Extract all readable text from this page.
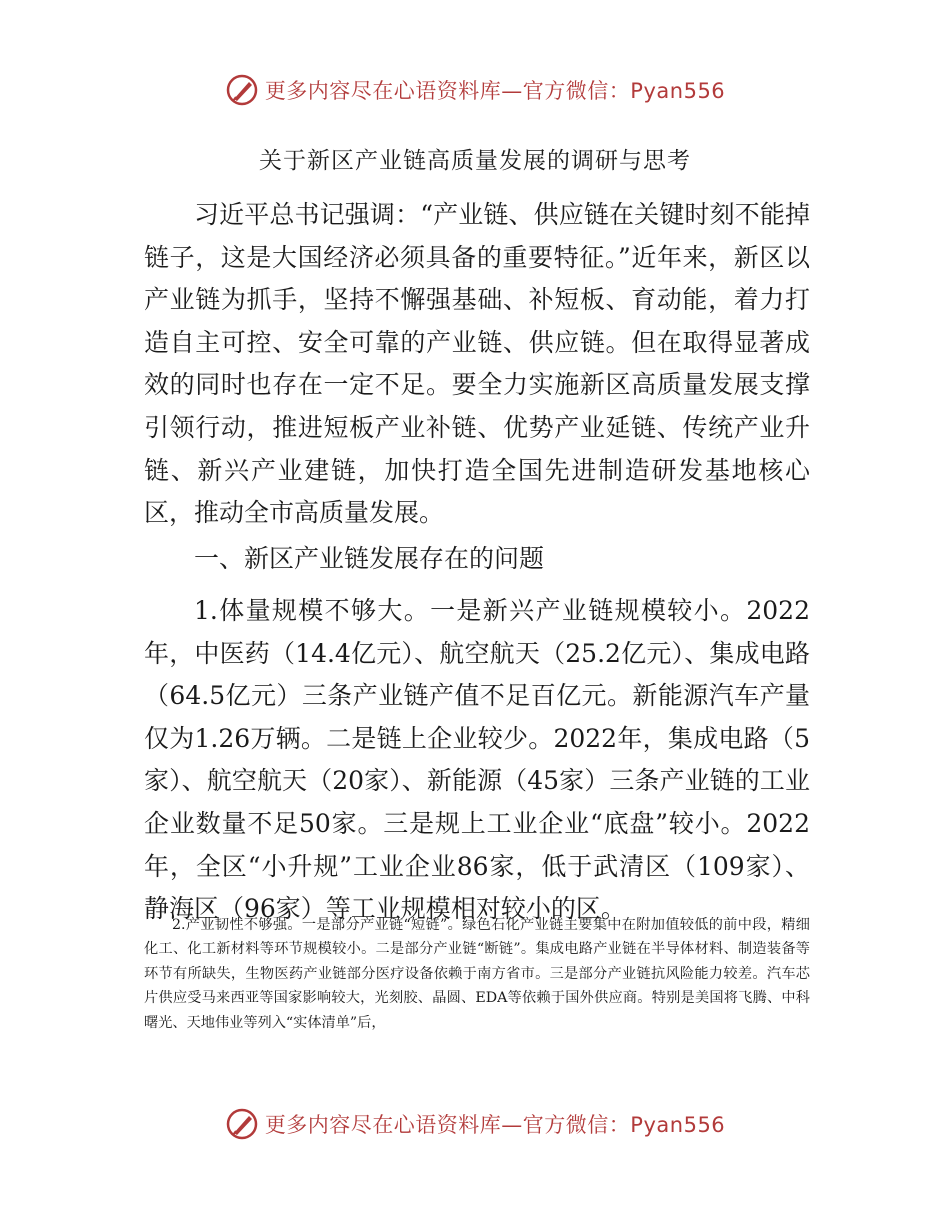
更多内容尽在心语资料库—官方微信：Pyan556
关于新区产业链高质量发展的调研与思考

习近平总书记强调：“产业链、供应链在关键时刻不能掉链子，这是大国经济必须具备的重要特征。”近年来，新区以产业链为抓手，坚持不懈强基础、补短板、育动能，着力打造自主可控、安全可靠的产业链、供应链。但在取得显著成效的同时也存在一定不足。要全力实施新区高质量发展支撑引领行动，推进短板产业补链、优势产业延链、传统产业升链、新兴产业建链，加快打造全国先进制造研发基地核心区，推动全市高质量发展。

一、新区产业链发展存在的问题

1.体量规模不够大。一是新兴产业链规模较小。2022年，中医药（14.4亿元）、航空航天（25.2亿元）、集成电路（64.5亿元）三条产业链产值不足百亿元。新能源汽车产量仅为1.26万辆。二是链上企业较少。2022年，集成电路（5家）、航空航天（20家）、新能源（45家）三条产业链的工业企业数量不足50家。三是规上工业企业“底盘”较小。2022年，全区“小升规”工业企业86家，低于武清区（109家）、静海区（96家）等工业规模相对较小的区。

2.产业韧性不够强。一是部分产业链“短链”。绿色石化产业链主要集中在附加值较低的前中段，精细化工、化工新材料等环节规模较小。二是部分产业链“断链”。集成电路产业链在半导体材料、制造装备等环节有所缺失，生物医药产业链部分医疗设备依赖于南方省市。三是部分产业链抗风险能力较差。汽车芯片供应受马来西亚等国家影响较大，光刻胶、晶圆、EDA等依赖于国外供应商。特别是美国将飞腾、中科曙光、天地伟业等列入“实体清单”后，

更多内容尽在心语资料库—官方微信：Pyan556
